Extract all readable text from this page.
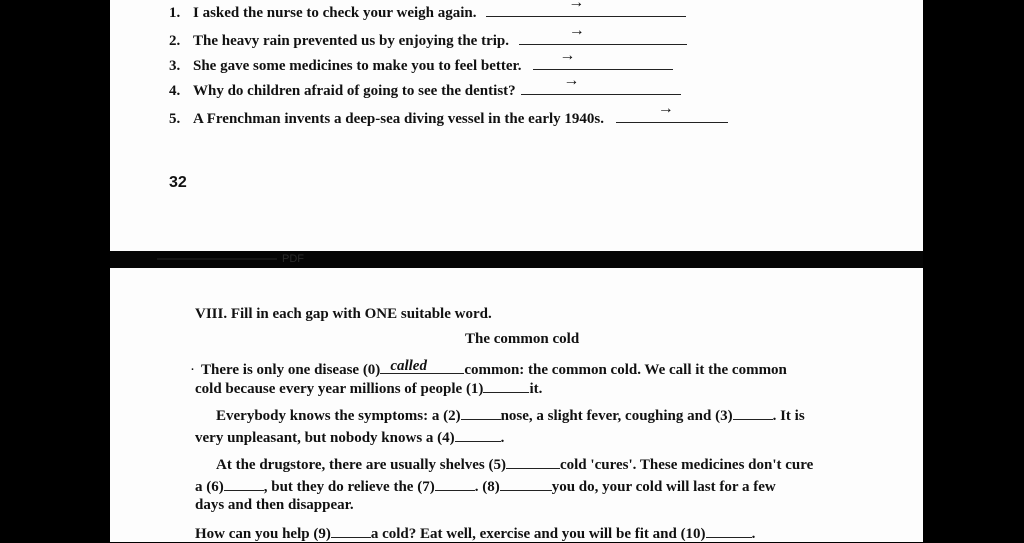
1. I asked the nurse to check your weigh again.
→
2. The heavy rain prevented us by enjoying the trip.
→
3. She gave some medicines to make you to feel better.
→
4. Why do children afraid of going to see the dentist?
→
5. A Frenchman invents a deep-sea diving vessel in the early 1940s.
→
32
PDF
VIII. Fill in each gap with ONE suitable word.
The common cold
· There is only one disease (0) called common: the common cold. We call it the common
cold because every year millions of people (1)	it.
Everybody knows the symptoms: a (2)	nose, a slight fever, coughing and (3)	. It is
very unpleasant, but nobody knows a (4)	.
At the drugstore, there are usually shelves (5)	cold 'cures'. These medicines don't cure
a (6)	, but they do relieve the (7)	. (8)	you do, your cold will last for a few
days and then disappear.
How can you help (9)	a cold? Eat well, exercise and you will be fit and (10)	.
